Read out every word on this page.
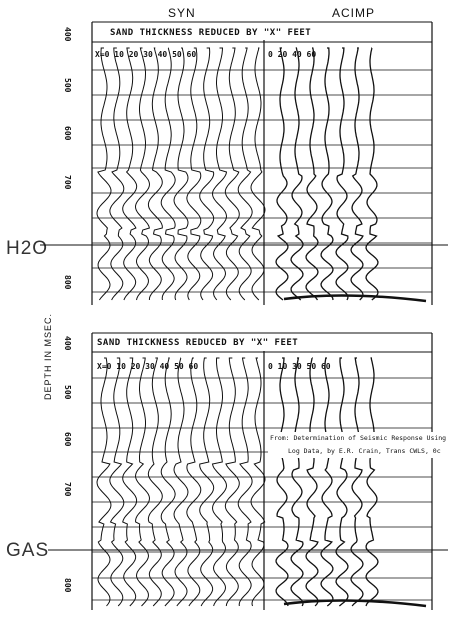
SYN	ACIMP
DEPTH IN MSEC.
SAND THICKNESS REDUCED BY "X" FEET
X=0 10 20 30 40 50 60	0 20 40 60
400
500
600
700
800
H2O
SAND THICKNESS REDUCED BY "X" FEET
X=0 10 20 30 40 50 60	0 10 30 50 60
400
500
600
700
800
GAS
From: Determination of Seismic Response Using
Log Data, by E.R. Crain, Trans CWLS, 0c
